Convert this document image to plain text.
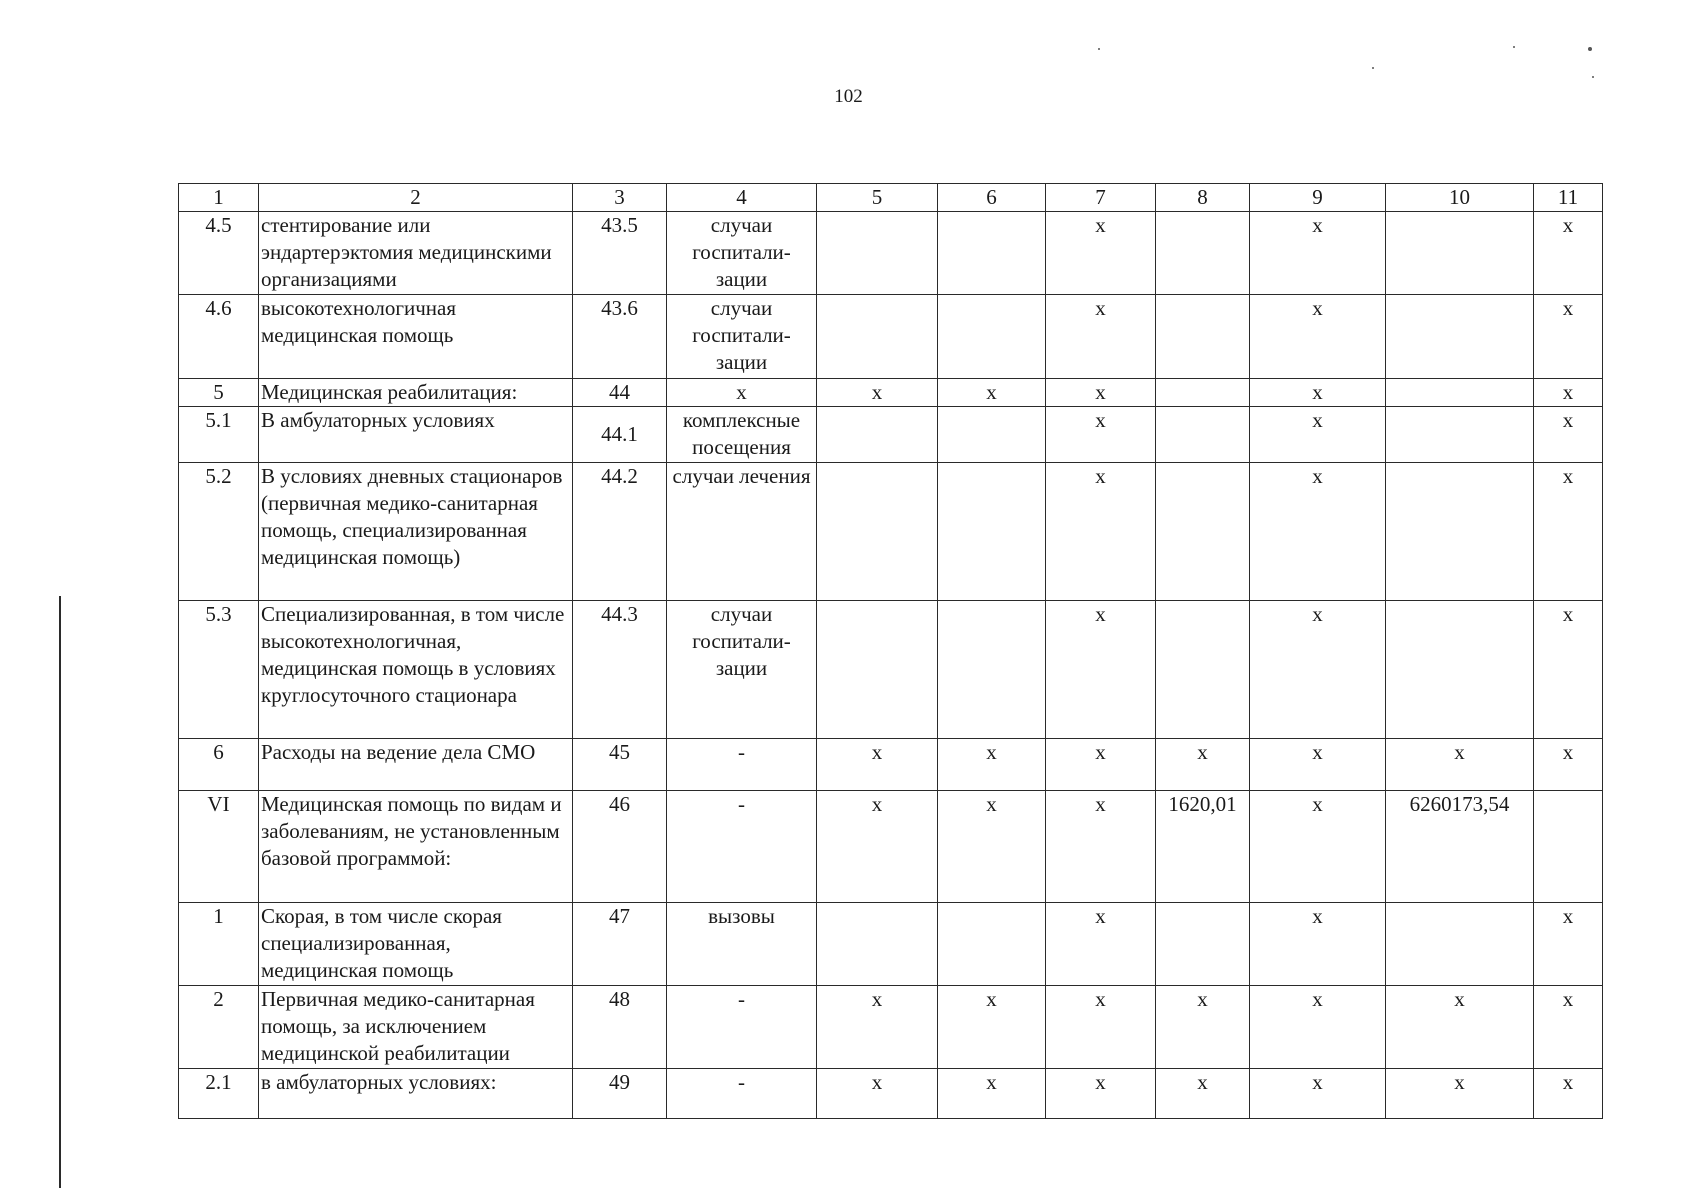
102
1	2	3	4	5	6	7	8	9	10	11
4.5	стентирование или эндартерэктомия медицинскими организациями	43.5	случаи госпитали-зации			х		х		х
4.6	высокотехнологичная медицинская помощь	43.6	случаи госпитали-зации			х		х		х
5	Медицинская реабилитация:	44	х	х	х	х		х		х
5.1	В амбулаторных условиях	44.1	комплексные посещения			х		х		х
5.2	В условиях дневных стационаров (первичная медико-санитарная помощь, специализированная медицинская помощь)	44.2	случаи лечения			х		х		х
5.3	Специализированная, в том числе высокотехнологичная, медицинская помощь в условиях круглосуточного стационара	44.3	случаи госпитали-зации			х		х		х
6	Расходы на ведение дела СМО	45	-	х	х	х	х	х	х	х
VI	Медицинская помощь по видам и заболеваниям, не установленным базовой программой:	46	-	х	х	х	1620,01	х	6260173,54	
1	Скорая, в том числе скорая специализированная, медицинская помощь	47	вызовы			х		х		х
2	Первичная медико-санитарная помощь, за исключением медицинской реабилитации	48	-	х	х	х	х	х	х	х
2.1	в амбулаторных условиях:	49	-	х	х	х	х	х	х	х
